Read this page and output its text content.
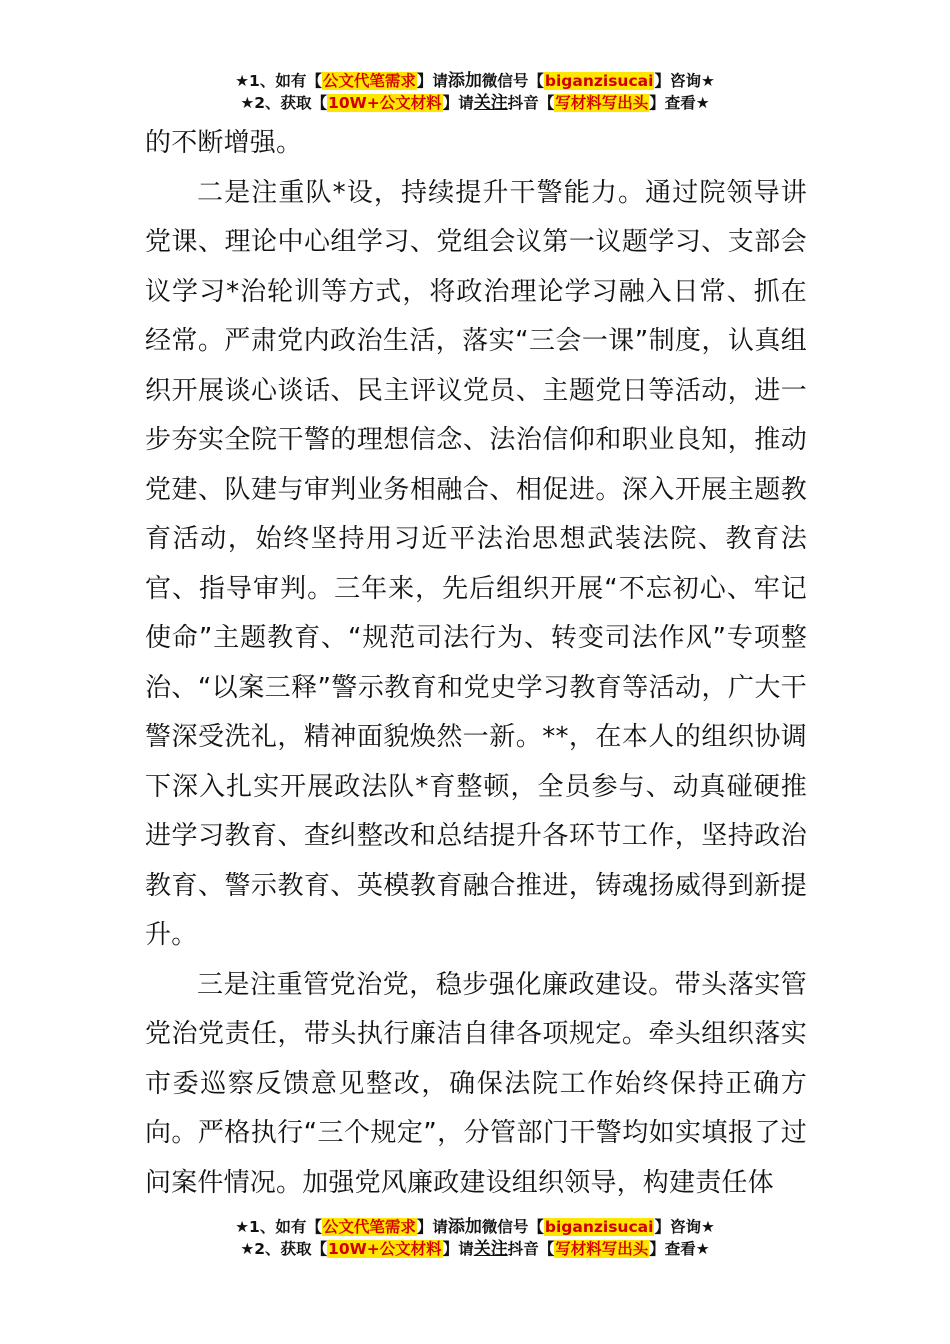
★1、如有【公文代笔需求】请添加微信号【biganzisucai】咨询★
★2、获取【10W+公文材料】请关注抖音【写材料写出头】查看★

的不断增强。

二是注重队*设，持续提升干警能力。通过院领导讲党课、理论中心组学习、党组会议第一议题学习、支部会议学习*治轮训等方式，将政治理论学习融入日常、抓在经常。严肃党内政治生活，落实“三会一课”制度，认真组织开展谈心谈话、民主评议党员、主题党日等活动，进一步夯实全院干警的理想信念、法治信仰和职业良知，推动党建、队建与审判业务相融合、相促进。深入开展主题教育活动，始终坚持用习近平法治思想武装法院、教育法官、指导审判。三年来，先后组织开展“不忘初心、牢记使命”主题教育、“规范司法行为、转变司法作风”专项整治、“以案三释”警示教育和党史学习教育等活动，广大干警深受洗礼，精神面貌焕然一新。**，在本人的组织协调下深入扎实开展政法队*育整顿，全员参与、动真碰硬推进学习教育、查纠整改和总结提升各环节工作，坚持政治教育、警示教育、英模教育融合推进，铸魂扬威得到新提升。

三是注重管党治党，稳步强化廉政建设。带头落实管党治党责任，带头执行廉洁自律各项规定。牵头组织落实市委巡察反馈意见整改，确保法院工作始终保持正确方向。严格执行“三个规定”，分管部门干警均如实填报了过问案件情况。加强党风廉政建设组织领导，构建责任体

★1、如有【公文代笔需求】请添加微信号【biganzisucai】咨询★
★2、获取【10W+公文材料】请关注抖音【写材料写出头】查看★
